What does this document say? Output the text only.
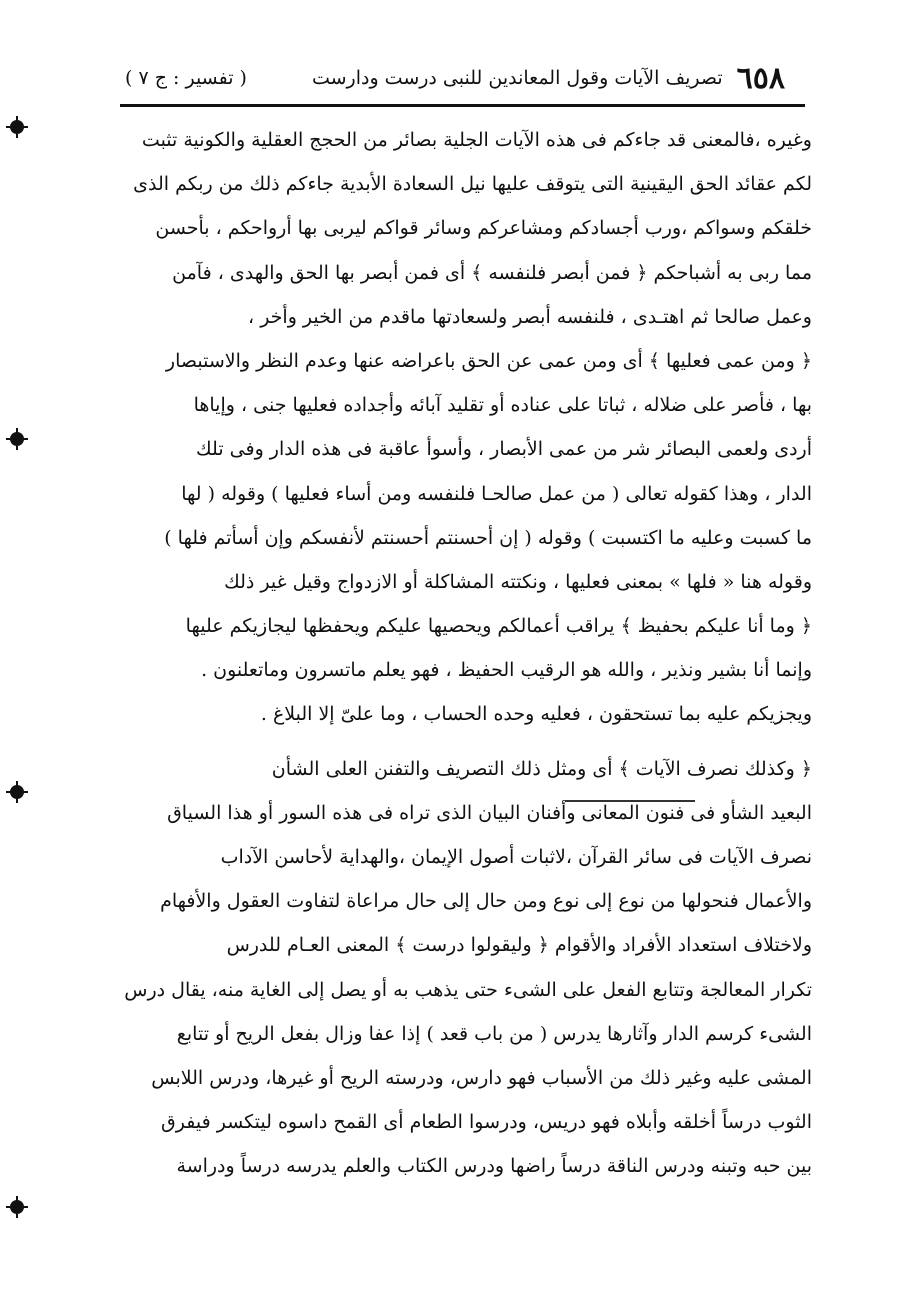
٦٥٨
تصريف الآيات وقول المعاندين للنبى درست ودارست
( تفسير : ج ٧ )
وغيره ،فالمعنى قد جاءكم فى هذه الآيات الجلية بصائر من الحجج العقلية والكونية تثبت
لكم عقائد الحق اليقينية التى يتوقف عليها نيل السعادة الأبدية جاءكم ذلك من ربكم الذى
خلقكم وسواكم ،ورب أجسادكم ومشاعركم وسائر قواكم ليربى بها أرواحكم ، بأحسن
مما ربى به أشباحكم ﴿ فمن أبصر فلنفسه ﴾ أى فمن أبصر بها الحق والهدى ، فآمن
وعمل صالحا ثم اهتـدى ، فلنفسه أبصر ولسعادتها ماقدم من الخير وأخر ،
﴿ ومن عمى فعليها ﴾ أى ومن عمى عن الحق باعراضه عنها وعدم النظر والاستبصار
بها ، فأصر على ضلاله ، ثباتا على عناده أو تقليد آبائه وأجداده فعليها جنى ، وإياها
أردى ولعمى البصائر شر من عمى الأبصار ، وأسوأ عاقبة فى هذه الدار وفى تلك
الدار ، وهذا كقوله تعالى ( من عمل صالحـا فلنفسه ومن أساء فعليها ) وقوله ( لها
ما كسبت وعليه ما اكتسبت ) وقوله ( إن أحسنتم أحسنتم لأنفسكم وإن أسأتم فلها )
وقوله هنا « فلها » بمعنى فعليها ، ونكتته المشاكلة أو الازدواج وقيل غير ذلك
﴿ وما أنا عليكم بحفيظ ﴾ يراقب أعمالكم ويحصيها عليكم ويحفظها ليجازيكم عليها
وإنما أنا بشير ونذير ، والله هو الرقيب الحفيظ ، فهو يعلم ماتسرون وماتعلنون .
ويجزيكم عليه بما تستحقون ، فعليه وحده الحساب ، وما علىّ إلا البلاغ .
﴿ وكذلك نصرف الآيات ﴾ أى ومثل ذلك التصريف والتفنن العلى الشأن
البعيد الشأو فى فنون المعانى وأفنان البيان الذى تراه فى هذه السور أو هذا السياق
نصرف الآيات فى سائر القرآن ،لاثبات أصول الإيمان ،والهداية لأحاسن الآداب
والأعمال فنحولها من نوع إلى نوع ومن حال إلى حال مراعاة لتفاوت العقول والأفهام
ولاختلاف استعداد الأفراد والأقوام ﴿ وليقولوا درست ﴾ المعنى العـام للدرس
تكرار المعالجة وتتابع الفعل على الشىء حتى يذهب به أو يصل إلى الغاية منه، يقال درس
الشىء كرسم الدار وآثارها يدرس ( من باب قعد ) إذا عفا وزال بفعل الريح أو تتابع
المشى عليه وغير ذلك من الأسباب فهو دارس، ودرسته الريح أو غيرها، ودرس اللابس
الثوب درساً أخلقه وأبلاه فهو دريس، ودرسوا الطعام أى القمح داسوه ليتكسر فيفرق
بين حبه وتبنه ودرس الناقة درساً راضها ودرس الكتاب والعلم يدرسه درساً ودراسة
